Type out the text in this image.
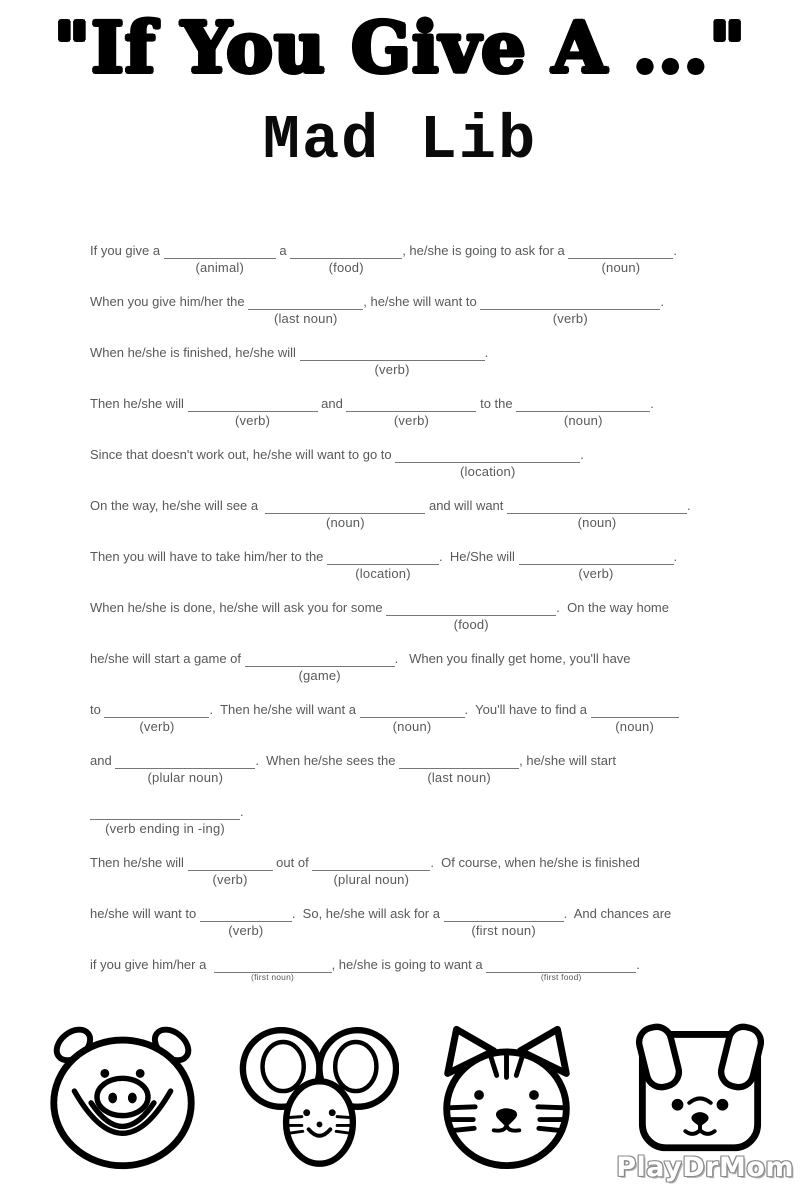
"If You Give A ..."
Mad Lib
If you give a
(animal)
a
(food)
, he/she is going to ask for a
(noun)
.
When you give him/her the
(last noun)
, he/she will want to
(verb)
.
When he/she is finished, he/she will
(verb)
.
Then he/she will
(verb)
and
(verb)
to the
(noun)
.
Since that doesn't work out, he/she will want to go to
(location)
.
On the way, he/she will see a
(noun)
and will want
(noun)
.
Then you will have to take him/her to the
(location)
.  He/She will
(verb)
.
When he/she is done, he/she will ask you for some
(food)
.  On the way home
he/she will start a game of
(game)
.   When you finally get home, you'll have
to
(verb)
.  Then he/she will want a
(noun)
.  You'll have to find a
(noun)
and
(plular noun)
.  When he/she sees the
(last noun)
, he/she will start
(verb ending in -ing)
.
Then he/she will
(verb)
out of
(plural noun)
.  Of course, when he/she is finished
he/she will want to
(verb)
.  So, he/she will ask for a
(first noun)
.  And chances are
if you give him/her a
(first noun)
, he/she is going to want a
(first food)
.
PlayDrMom
